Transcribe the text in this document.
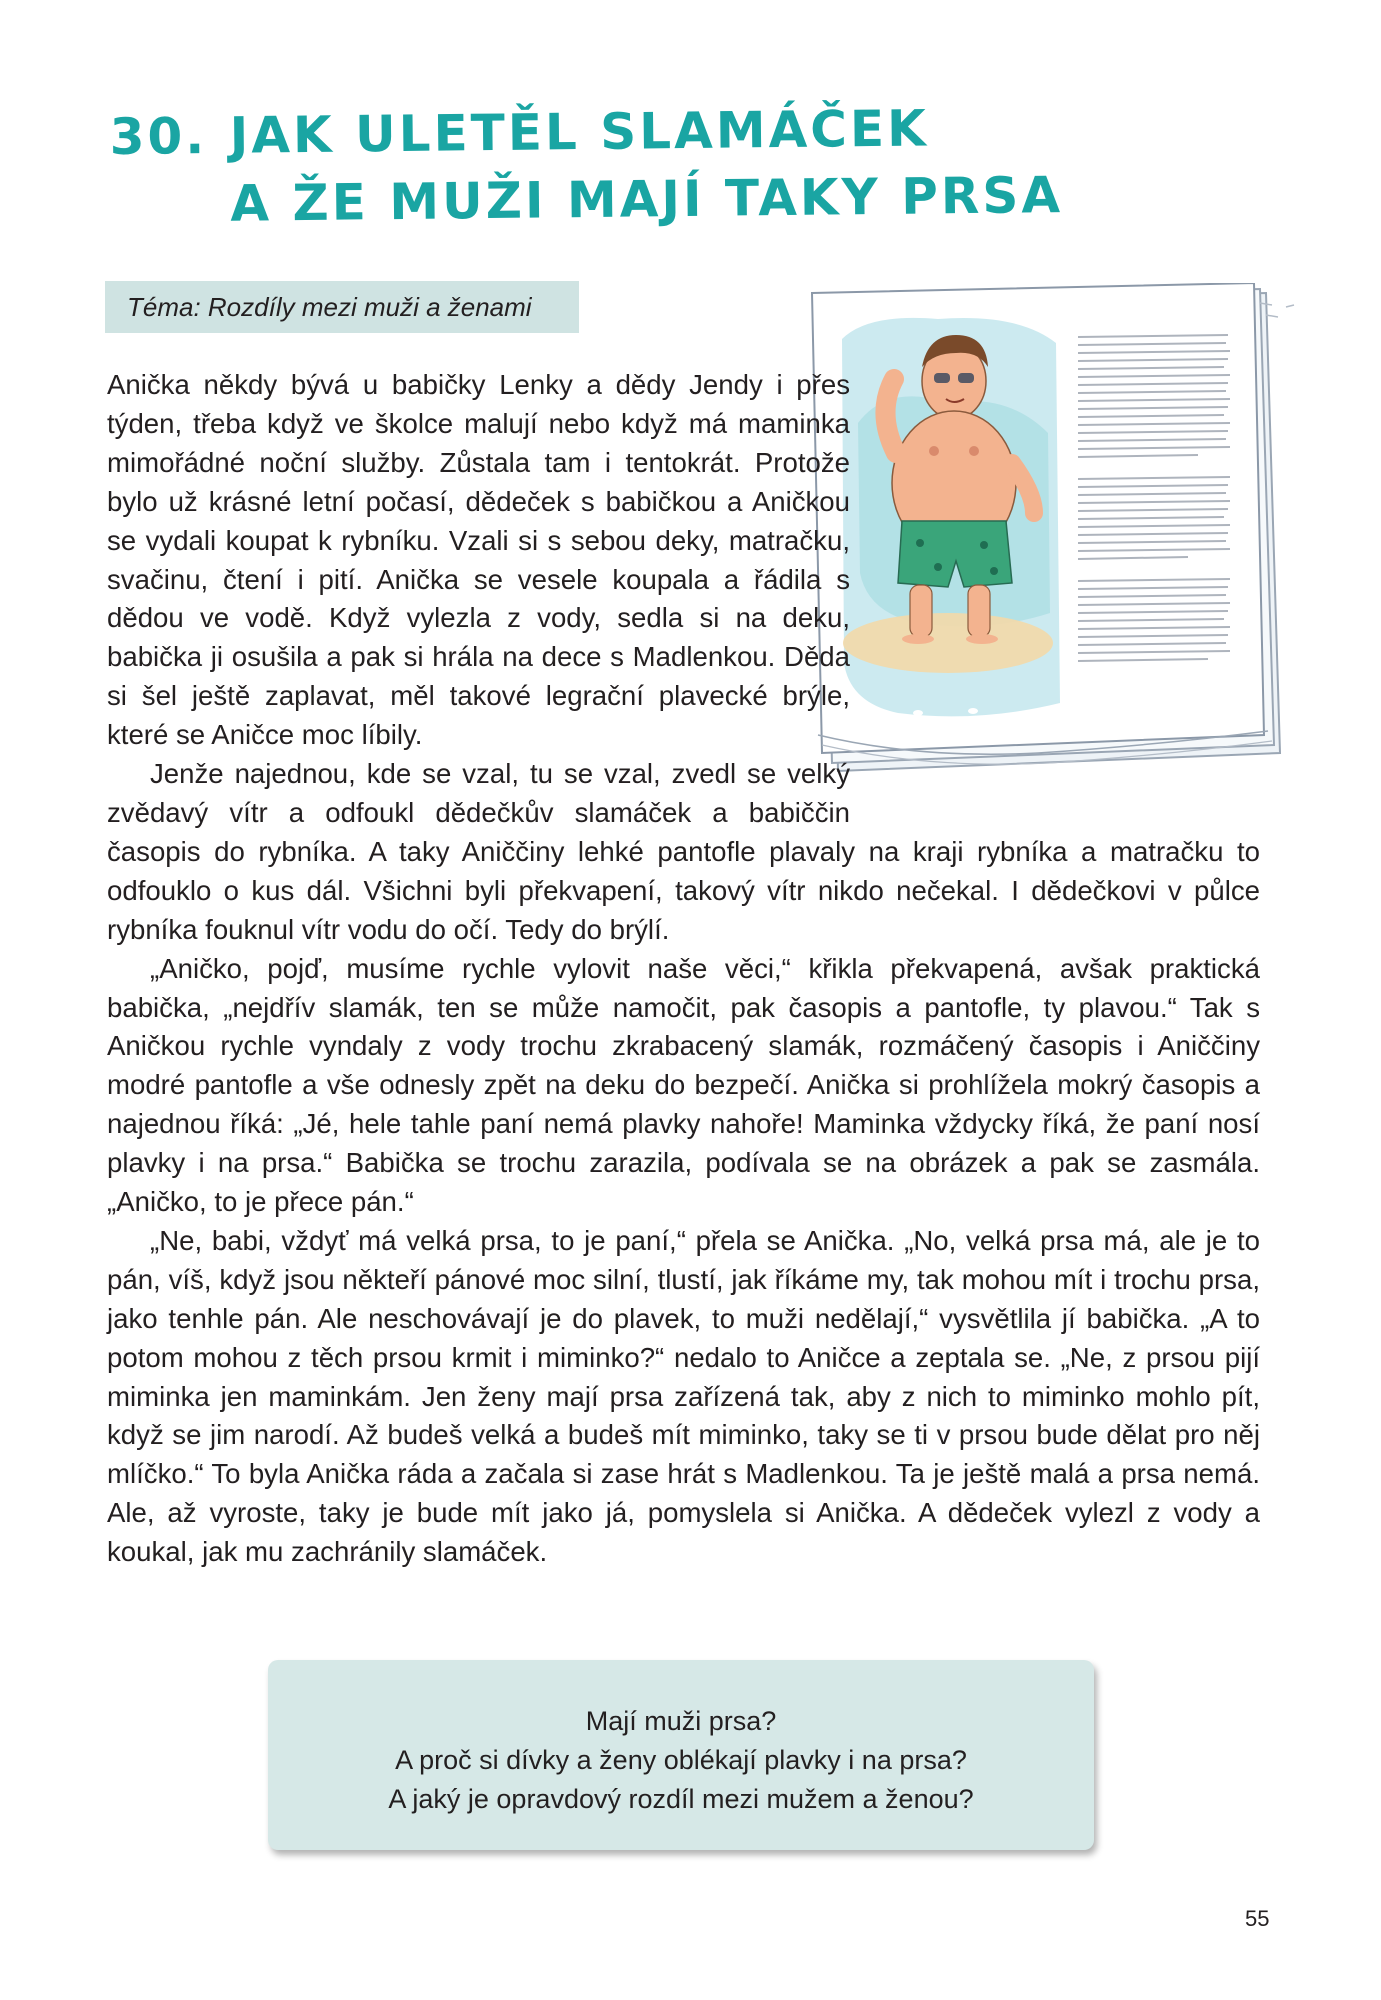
30. JAK ULETĚL SLAMÁČEK
A ŽE MUŽI MAJÍ TAKY PRSA
Téma: Rozdíly mezi muži a ženami

Anička někdy bývá u babičky Lenky a dědy Jendy i přes týden, třeba když ve školce malují nebo když má maminka mimořádné noční služby. Zůstala tam i tentokrát. Protože bylo už krásné letní počasí, dědeček s babičkou a Aničkou se vydali koupat k rybníku. Vzali si s sebou deky, matračku, svačinu, čtení i pití. Anička se vesele koupala a řádila s dědou ve vodě. Když vylezla z vody, sedla si na deku, babička ji osušila a pak si hrála na dece s Madlenkou. Děda si šel ještě zaplavat, měl takové legrační plavecké brýle, které se Aničce moc líbily.

Jenže najednou, kde se vzal, tu se vzal, zvedl se velký zvědavý vítr a odfoukl dědečkův slamáček a babiččin časopis do rybníka. A taky Aniččiny lehké pantofle plavaly na kraji rybníka a matračku to odfouklo o kus dál. Všichni byli překvapení, takový vítr nikdo nečekal. I dědečkovi v půlce rybníka fouknul vítr vodu do očí. Tedy do brýlí.

„Aničko, pojď, musíme rychle vylovit naše věci,“ křikla překvapená, avšak praktická babička, „nejdřív slamák, ten se může namočit, pak časopis a pantofle, ty plavou.“ Tak s Aničkou rychle vyndaly z vody trochu zkrabacený slamák, rozmáčený časopis i Aniččiny modré pantofle a vše odnesly zpět na deku do bezpečí. Anička si prohlížela mokrý časopis a najednou říká: „Jé, hele tahle paní nemá plavky nahoře! Maminka vždycky říká, že paní nosí plavky i na prsa.“ Babička se trochu zarazila, podívala se na obrázek a pak se zasmála. „Aničko, to je přece pán.“

„Ne, babi, vždyť má velká prsa, to je paní,“ přela se Anička. „No, velká prsa má, ale je to pán, víš, když jsou někteří pánové moc silní, tlustí, jak říkáme my, tak mohou mít i trochu prsa, jako tenhle pán. Ale neschovávají je do plavek, to muži nedělají,“ vysvětlila jí babička. „A to potom mohou z těch prsou krmit i miminko?“ nedalo to Aničce a zeptala se. „Ne, z prsou pijí miminka jen maminkám. Jen ženy mají prsa zařízená tak, aby z nich to miminko mohlo pít, když se jim narodí. Až budeš velká a budeš mít miminko, taky se ti v prsou bude dělat pro něj mlíčko.“ To byla Anička ráda a začala si zase hrát s Madlenkou. Ta je ještě malá a prsa nemá. Ale, až vyroste, taky je bude mít jako já, pomyslela si Anička. A dědeček vylezl z vody a koukal, jak mu zachránily slamáček.

Mají muži prsa?
A proč si dívky a ženy oblékají plavky i na prsa?
A jaký je opravdový rozdíl mezi mužem a ženou?
55
